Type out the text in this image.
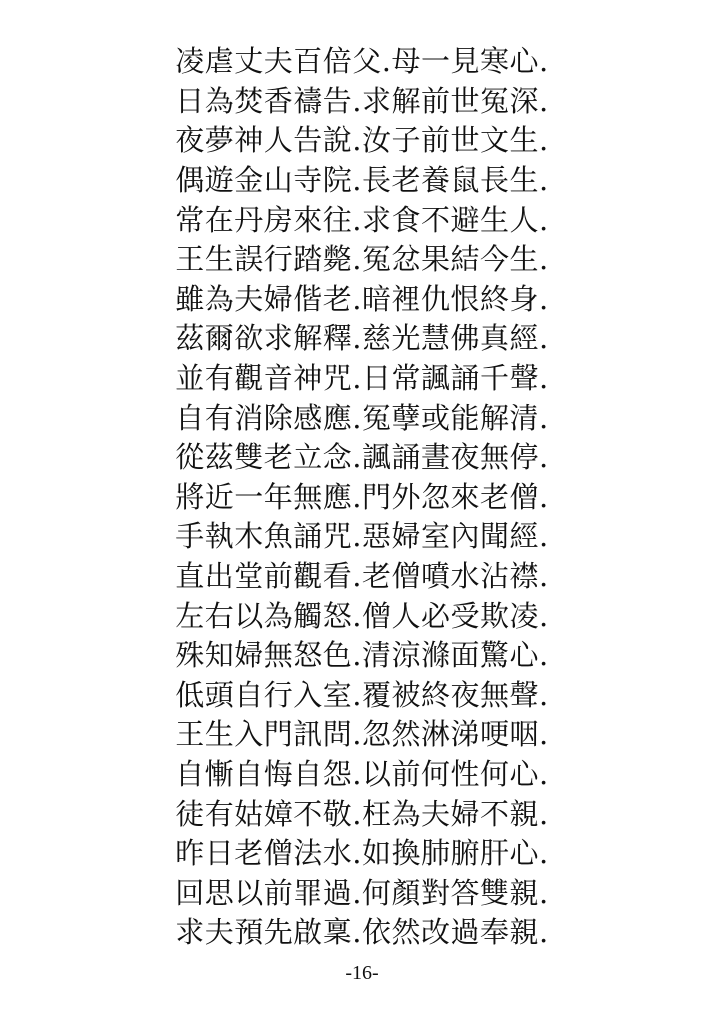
凌虐丈夫百倍父.母一見寒心.
日為焚香禱告.求解前世冤深.
夜夢神人告說.汝子前世文生.
偶遊金山寺院.長老養鼠長生.
常在丹房來往.求食不避生人.
王生誤行踏斃.冤忿果結今生.
雖為夫婦偕老.暗裡仇恨終身.
茲爾欲求解釋.慈光慧佛真經.
並有觀音神咒.日常諷誦千聲.
自有消除感應.冤孽或能解清.
從茲雙老立念.諷誦晝夜無停.
將近一年無應.門外忽來老僧.
手執木魚誦咒.惡婦室內聞經.
直出堂前觀看.老僧噴水沾襟.
左右以為觸怒.僧人必受欺凌.
殊知婦無怒色.清涼滌面驚心.
低頭自行入室.覆被終夜無聲.
王生入門訊問.忽然淋涕哽咽.
自慚自悔自怨.以前何性何心.
徒有姑嫜不敬.枉為夫婦不親.
昨日老僧法水.如換肺腑肝心.
回思以前罪過.何顏對答雙親.
求夫預先啟稟.依然改過奉親.
-16-
